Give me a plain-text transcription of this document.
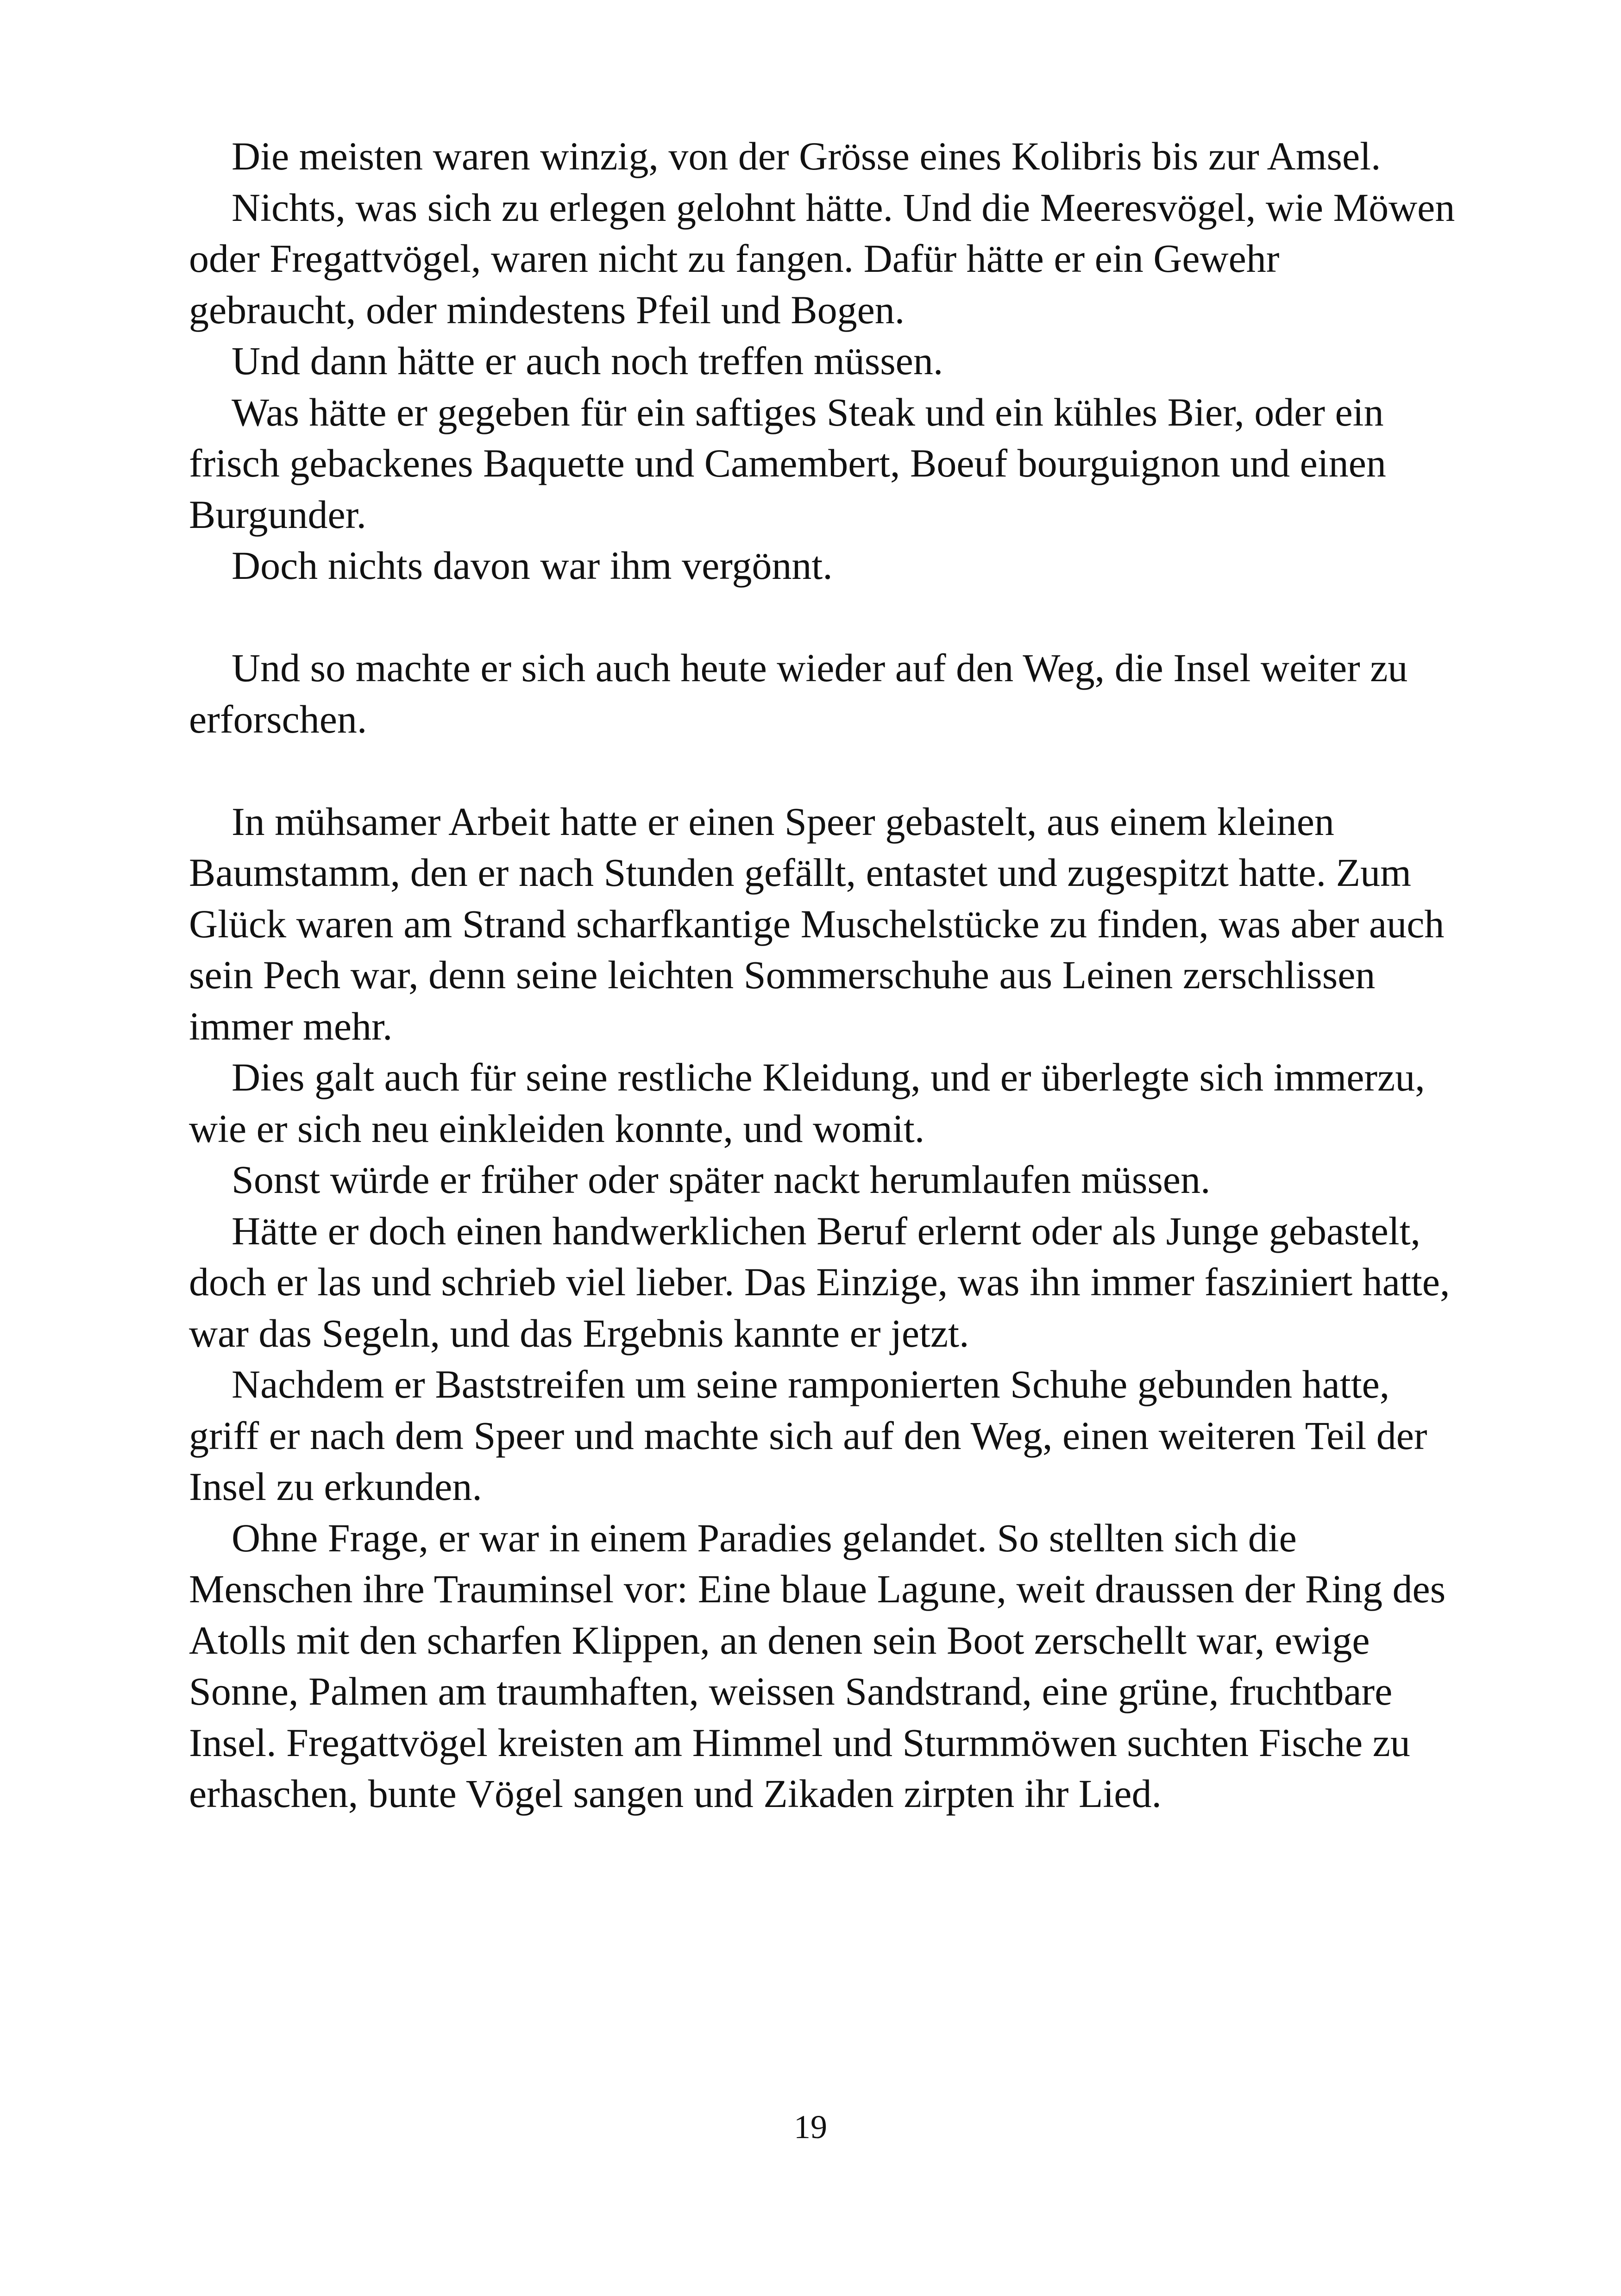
Die meisten waren winzig, von der Grösse eines Kolibris bis zur Amsel.

Nichts, was sich zu erlegen gelohnt hätte. Und die Meeresvögel, wie Möwen oder Fregattvögel, waren nicht zu fangen. Dafür hätte er ein Gewehr gebraucht, oder mindestens Pfeil und Bogen.

Und dann hätte er auch noch treffen müssen.

Was hätte er gegeben für ein saftiges Steak und ein kühles Bier, oder ein frisch gebackenes Baquette und Camembert, Boeuf bourguignon und einen Burgunder.

Doch nichts davon war ihm vergönnt.

Und so machte er sich auch heute wieder auf den Weg, die Insel weiter zu erforschen.

In mühsamer Arbeit hatte er einen Speer gebastelt, aus einem kleinen Baumstamm, den er nach Stunden gefällt, entastet und zugespitzt hatte. Zum Glück waren am Strand scharfkantige Muschelstücke zu finden, was aber auch sein Pech war, denn seine leichten Sommerschuhe aus Leinen zerschlissen immer mehr.

Dies galt auch für seine restliche Kleidung, und er überlegte sich immerzu, wie er sich neu einkleiden konnte, und womit.

Sonst würde er früher oder später nackt herumlaufen müssen.

Hätte er doch einen handwerklichen Beruf erlernt oder als Junge gebastelt, doch er las und schrieb viel lieber. Das Einzige, was ihn immer fasziniert hatte, war das Segeln, und das Ergebnis kannte er jetzt.

Nachdem er Baststreifen um seine ramponierten Schuhe gebunden hatte, griff er nach dem Speer und machte sich auf den Weg, einen weiteren Teil der Insel zu erkunden.

Ohne Frage, er war in einem Paradies gelandet. So stellten sich die Menschen ihre Trauminsel vor: Eine blaue Lagune, weit draussen der Ring des Atolls mit den scharfen Klippen, an denen sein Boot zerschellt war, ewige Sonne, Palmen am traumhaften, weissen Sandstrand, eine grüne, fruchtbare Insel. Fregattvögel kreisten am Himmel und Sturmmöwen suchten Fische zu erhaschen, bunte Vögel sangen und Zikaden zirpten ihr Lied.

19
